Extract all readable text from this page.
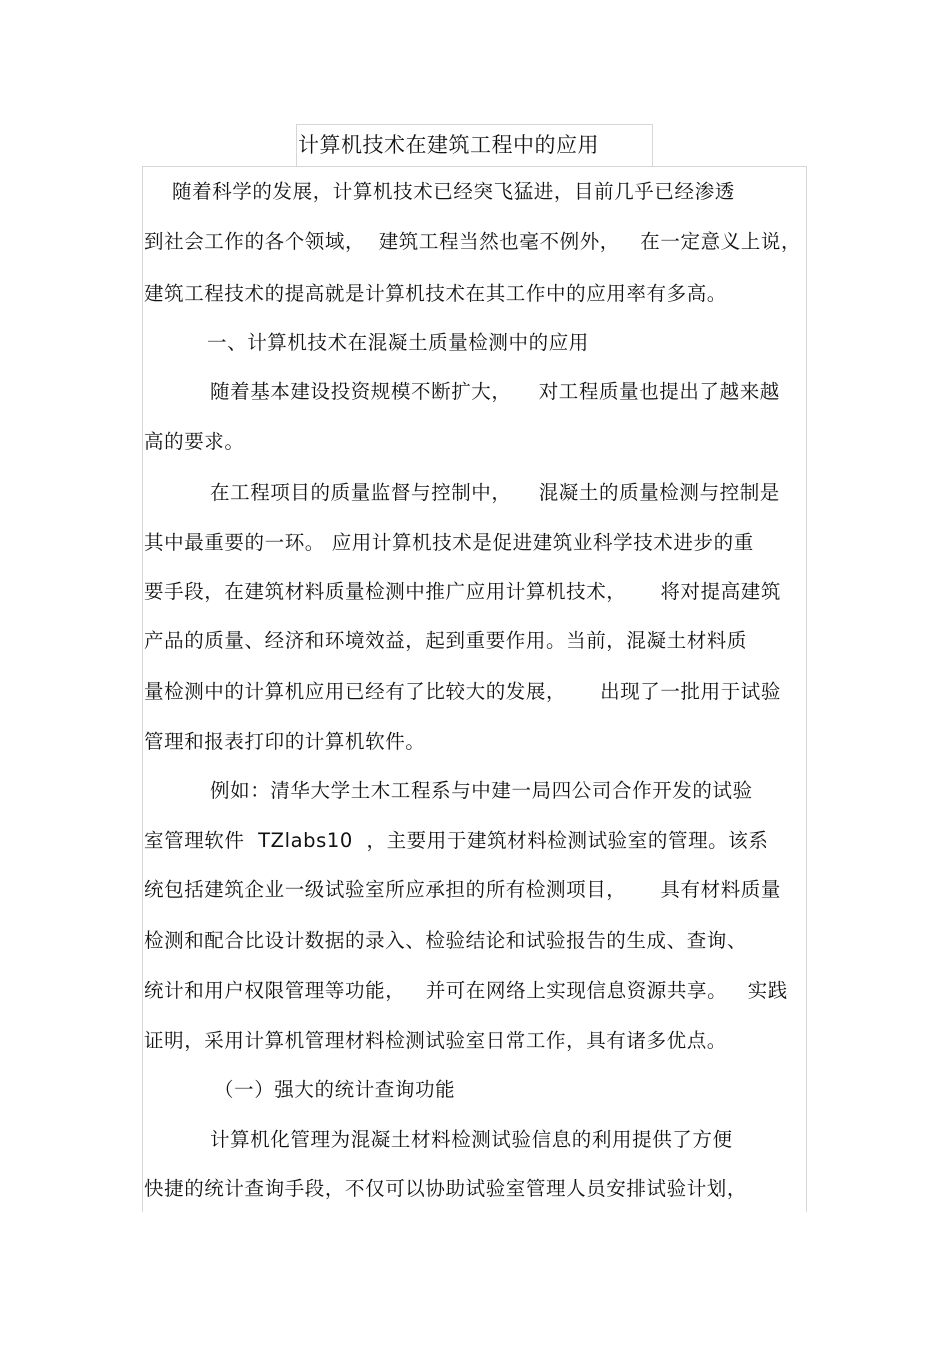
计算机技术在建筑工程中的应用
随着科学的发展，计算机技术已经突飞猛进，目前几乎已经渗透
到社会工作的各个领域，  建筑工程当然也毫不例外，   在一定意义上说，
建筑工程技术的提高就是计算机技术在其工作中的应用率有多高。
一、计算机技术在混凝土质量检测中的应用
随着基本建设投资规模不断扩大，    对工程质量也提出了越来越
高的要求。
在工程项目的质量监督与控制中，    混凝土的质量检测与控制是
其中最重要的一环。 应用计算机技术是促进建筑业科学技术进步的重
要手段，在建筑材料质量检测中推广应用计算机技术，     将对提高建筑
产品的质量、经济和环境效益，起到重要作用。当前，混凝土材料质
量检测中的计算机应用已经有了比较大的发展，     出现了一批用于试验
管理和报表打印的计算机软件。
例如：清华大学土木工程系与中建一局四公司合作开发的试验
室管理软件  TZlabs10  ，主要用于建筑材料检测试验室的管理。该系
统包括建筑企业一级试验室所应承担的所有检测项目，     具有材料质量
检测和配合比设计数据的录入、检验结论和试验报告的生成、查询、
统计和用户权限管理等功能，   并可在网络上实现信息资源共享。   实践
证明，采用计算机管理材料检测试验室日常工作，具有诸多优点。
（一）强大的统计查询功能
计算机化管理为混凝土材料检测试验信息的利用提供了方便
快捷的统计查询手段，不仅可以协助试验室管理人员安排试验计划，
